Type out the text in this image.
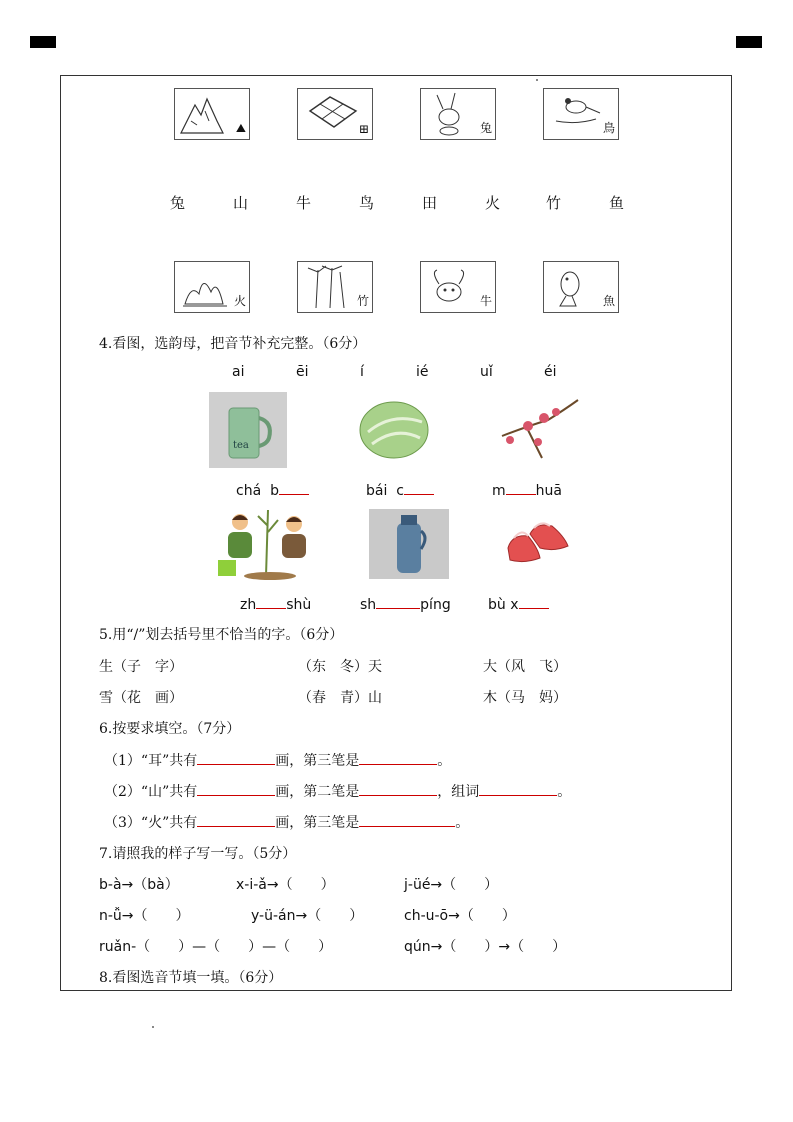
⛰	⊞	兔	鳥
兔	山	牛	鸟	田	火	竹	鱼
火	竹	牛	魚
4.看图，选韵母，把音节补充完整。（6分）
ai	ēi	í	ié	uǐ	éi
tea
chá b	bái c	m huā
zh shù	sh	píng	bù x
5.用“/”划去括号里不恰当的字。（6分）
生（子　字）	（东　冬）天	大（风　飞）
雪（花　画）	（春　青）山	木（马　妈）
6.按要求填空。（7分）
（1）“耳”共有	画，第三笔是	。
（2）“山”共有	画，第二笔是	，组词	。
（3）“火”共有	画，第三笔是	。
7.请照我的样子写一写。（5分）
b-à→（bà）	x-i-ǎ→（　　）	j-üé→（　　）
n-ǚ→（　　）	y-ü-án→（　　）	ch-u-ō→（　　）
ruǎn-（　　）—（　　）—（　　）	qún→（　　）→（　　）
8.看图选音节填一填。（6分）
